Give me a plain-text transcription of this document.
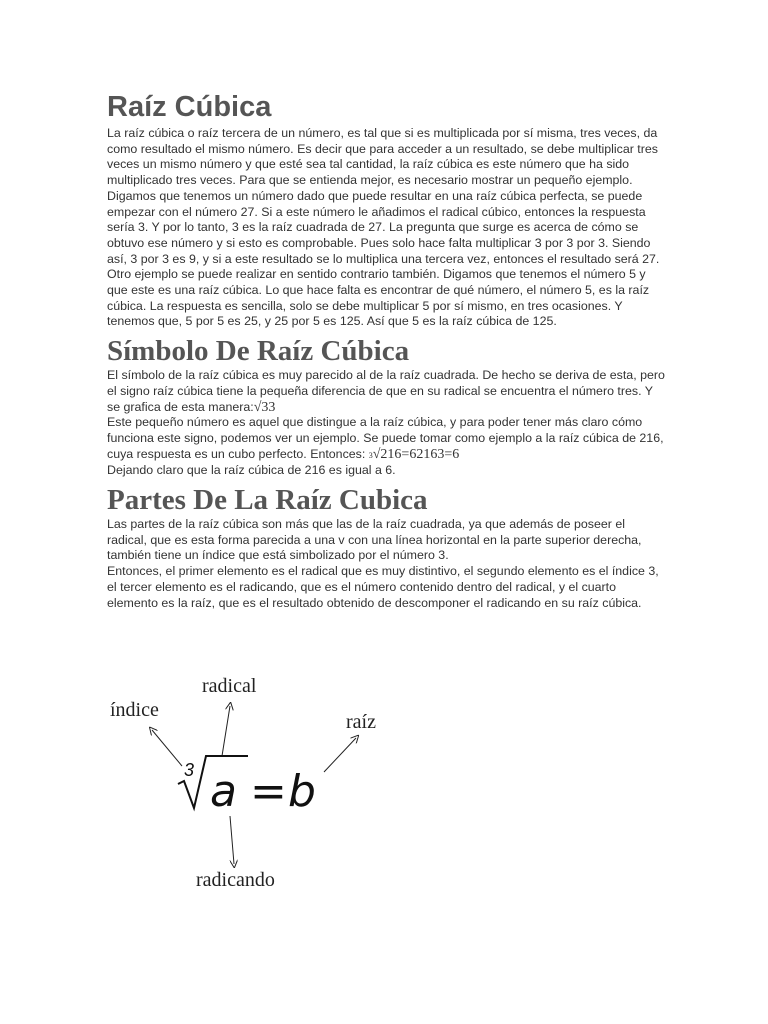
Raíz Cúbica

La raíz cúbica o raíz tercera de un número, es tal que si es multiplicada por sí misma, tres veces, da como resultado el mismo número. Es decir que para acceder a un resultado, se debe multiplicar tres veces un mismo número y que esté sea tal cantidad, la raíz cúbica es este número que ha sido multiplicado tres veces. Para que se entienda mejor, es necesario mostrar un pequeño ejemplo.

Digamos que tenemos un número dado que puede resultar en una raíz cúbica perfecta, se puede empezar con el número 27. Si a este número le añadimos el radical cúbico, entonces la respuesta sería 3. Y por lo tanto, 3 es la raíz cuadrada de 27. La pregunta que surge es acerca de cómo se obtuvo ese número y si esto es comprobable. Pues solo hace falta multiplicar 3 por 3 por 3. Siendo así, 3 por 3 es 9, y si a este resultado se lo multiplica una tercera vez, entonces el resultado será 27.

Otro ejemplo se puede realizar en sentido contrario también. Digamos que tenemos el número 5 y que este es una raíz cúbica. Lo que hace falta es encontrar de qué número, el número 5, es la raíz cúbica. La respuesta es sencilla, solo se debe multiplicar 5 por sí mismo, en tres ocasiones. Y tenemos que, 5 por 5 es 25, y 25 por 5 es 125. Así que 5 es la raíz cúbica de 125.

Símbolo De Raíz Cúbica

El símbolo de la raíz cúbica es muy parecido al de la raíz cuadrada. De hecho se deriva de esta, pero el signo raíz cúbica tiene la pequeña diferencia de que en su radical se encuentra el número tres. Y se grafica de esta manera:√33

Este pequeño número es aquel que distingue a la raíz cúbica, y para poder tener más claro cómo funciona este signo, podemos ver un ejemplo. Se puede tomar como ejemplo a la raíz cúbica de 216, cuya respuesta es un cubo perfecto. Entonces: 3√216=62163=6

Dejando claro que la raíz cúbica de 216 es igual a 6.

Partes De La Raíz Cubica

Las partes de la raíz cúbica son más que las de la raíz cuadrada, ya que además de poseer el radical, que es esta forma parecida a una v con una línea horizontal en la parte superior derecha, también tiene un índice que está simbolizado por el número 3.

Entonces, el primer elemento es el radical que es muy distintivo, el segundo elemento es el índice 3, el tercer elemento es el radicando, que es el número contenido dentro del radical, y el cuarto elemento es la raíz, que es el resultado obtenido de descomponer el radicando en su raíz cúbica.

índice
radical
raíz
radicando
3 a = b
